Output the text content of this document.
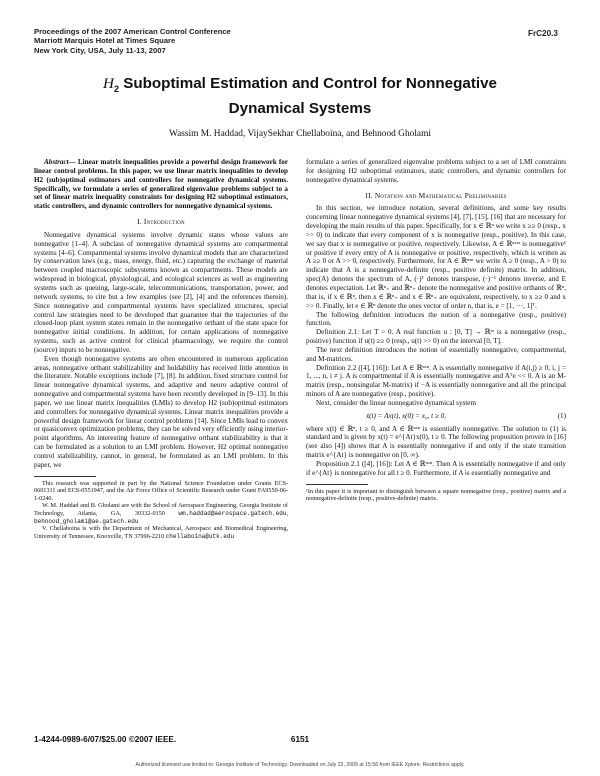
Proceedings of the 2007 American Control Conference
Marriott Marquis Hotel at Times Square
New York City, USA, July 11-13, 2007
FrC20.3
$H_2$ Suboptimal Estimation and Control for Nonnegative
Dynamical Systems
Wassim M. Haddad, VijaySekhar Chellaboina, and Behnood Gholami

Abstract— Linear matrix inequalities provide a powerful design framework for linear control problems. In this paper, we use linear matrix inequalities to develop H2 (sub)optimal estimators and controllers for nonnegative dynamical systems. Specifically, we formulate a series of generalized eigenvalue problems subject to a set of linear matrix inequality constraints for designing H2 suboptimal estimators, static controllers, and dynamic controllers for nonnegative dynamical systems.

I. Introduction

Nonnegative dynamical systems involve dynamic states whose values are nonnegative [1–4]. A subclass of nonnegative dynamical systems are compartmental systems [4–6]. Compartmental systems involve dynamical models that are characterized by conservation laws (e.g., mass, energy, fluid, etc.) capturing the exchange of material between coupled macroscopic subsystems known as compartments. These models are widespread in biological, physiological, and ecological sciences as well as engineering systems such as queuing, large-scale, telecommunications, transportation, power, and network systems, to cite but a few examples (see [2], [4] and the references therein). Since nonnegative and compartmental systems have specialized structures, special control law strategies need to be developed that guarantee that the trajectories of the closed-loop plant system states remain in the nonnegative orthant of the state space for nonnegative initial conditions. In addition, for certain applications of nonnegative systems, such as active control for clinical pharmacology, we require the control (source) inputs to be nonnegative.

Even though nonnegative systems are often encountered in numerous application areas, nonnegative orthant stabilizability and holdability has received little attention in the literature. Notable exceptions include [7], [8]. In addition, fixed structure control for linear nonnegative dynamical systems, and adaptive and neuro adaptive control of nonnegative and compartmental systems have been recently developed in [9–13]. In this paper, we use linear matrix inequalities (LMIs) to develop H2 (sub)optimal estimators and controllers for nonnegative dynamical systems. Linear matrix inequalities provide a powerful design framework for linear control problems [14]. Since LMIs lead to convex or quasiconvex optimization problems, they can be solved very efficiently using interior-point algorithms. An interesting feature of nonnegative orthant stabilizability is that it can be formulated as a solution to an LMI problem. However, H2 optimal nonnegative control stabilizability, cannot, in general, be formulated as an LMI problem. In this paper, we

This research was supported in part by the National Science Foundation under Grants ECS-0601311 and ECS-0551947, and the Air Force Office of Scientific Research under Grant FA9550-06-1-0240.

W. M. Haddad and B. Gholami are with the School of Aerospace Engineering, Georgia Institute of Technology, Atlanta, GA, 30332-0150 wm.haddad@aerospace.gatech.edu, behnood_gholami@ae.gatech.edu

V. Chellaboina is with the Department of Mechanical, Aerospace and Biomedical Engineering, University of Tennessee, Knoxville, TN 37996-2210 chellaboina@utk.edu

formulate a series of generalized eigenvalue problems subject to a set of LMI constraints for designing H2 suboptimal estimators, static controllers, and dynamic controllers for nonnegative dynamical systems.

II. Notation and Mathematical Preliminaries

In this section, we introduce notation, several definitions, and some key results concerning linear nonnegative dynamical systems [4], [7], [15], [16] that are necessary for developing the main results of this paper. Specifically, for x ∈ ℝⁿ we write x ≥≥ 0 (resp., x >> 0) to indicate that every component of x is nonnegative (resp., positive). In this case, we say that x is nonnegative or positive, respectively. Likewise, A ∈ ℝⁿˣᵐ is nonnegative¹ or positive if every entry of A is nonnegative or positive, respectively, which is written as A ≥≥ 0 or A >> 0, respectively. Furthermore, for A ∈ ℝⁿˣⁿ we write A ≥ 0 (resp., A > 0) to indicate that A is a nonnegative-definite (resp., positive definite) matrix. In addition, spec(A) denotes the spectrum of A, (·)ᵀ denotes transpose, (·)⁻¹ denotes inverse, and E denotes expectation. Let ℝⁿ₊ and ℝⁿ₊ denote the nonnegative and positive orthants of ℝⁿ, that is, if x ∈ ℝⁿ, then x ∈ ℝⁿ₊ and x ∈ ℝⁿ₊ are equivalent, respectively, to x ≥≥ 0 and x >> 0. Finally, let e ∈ ℝⁿ denote the ones vector of order n, that is, e = [1, ···, 1]ᵀ.

The following definition introduces the notion of a nonnegative (resp., positive) function.

Definition 2.1: Let T > 0. A real function u : [0, T] → ℝᵐ is a nonnegative (resp., positive) function if u(t) ≥≥ 0 (resp., u(t) >> 0) on the interval [0, T].

The next definition introduces the notion of essentially nonnegative, compartmental, and M-matrices.

Definition 2.2 ([4], [16]): Let A ∈ ℝⁿˣⁿ. A is essentially nonnegative if A(i,j) ≥ 0, i, j = 1, ..., n, i ≠ j. A is compartmental if A is essentially nonnegative and Aᵀe << 0. A is an M-matrix (resp., nonsingular M-matrix) if −A is essentially nonnegative and all the principal minors of A are nonnegative (resp., positive).

Next, consider the linear nonnegative dynamical system

ẋ(t) = Ax(t), x(0) = x₀, t ≥ 0,	(1)

where x(t) ∈ ℝⁿ, t ≥ 0, and A ∈ ℝⁿˣⁿ is essentially nonnegative. The solution to (1) is standard and is given by x(t) = e^{At}x(0), t ≥ 0. The following proposition proven in [16] (see also [4]) shows that A is essentially nonnegative if and only if the state transition matrix e^{At} is nonnegative on [0, ∞).

Proposition 2.1 ([4], [16]): Let A ∈ ℝⁿˣⁿ. Then A is essentially nonnegative if and only if e^{At} is nonnegative for all t ≥ 0. Furthermore, if A is essentially nonnegative and

¹In this paper it is important to distinguish between a square nonnegative (resp., positive) matrix and a nonnegative-definite (resp., positive-definite) matrix.
1-4244-0989-6/07/$25.00 ©2007 IEEE.	6151
Authorized licensed use limited to: Georgia Institute of Technology. Downloaded on July 22, 2009 at 15:56 from IEEE Xplore. Restrictions apply.
